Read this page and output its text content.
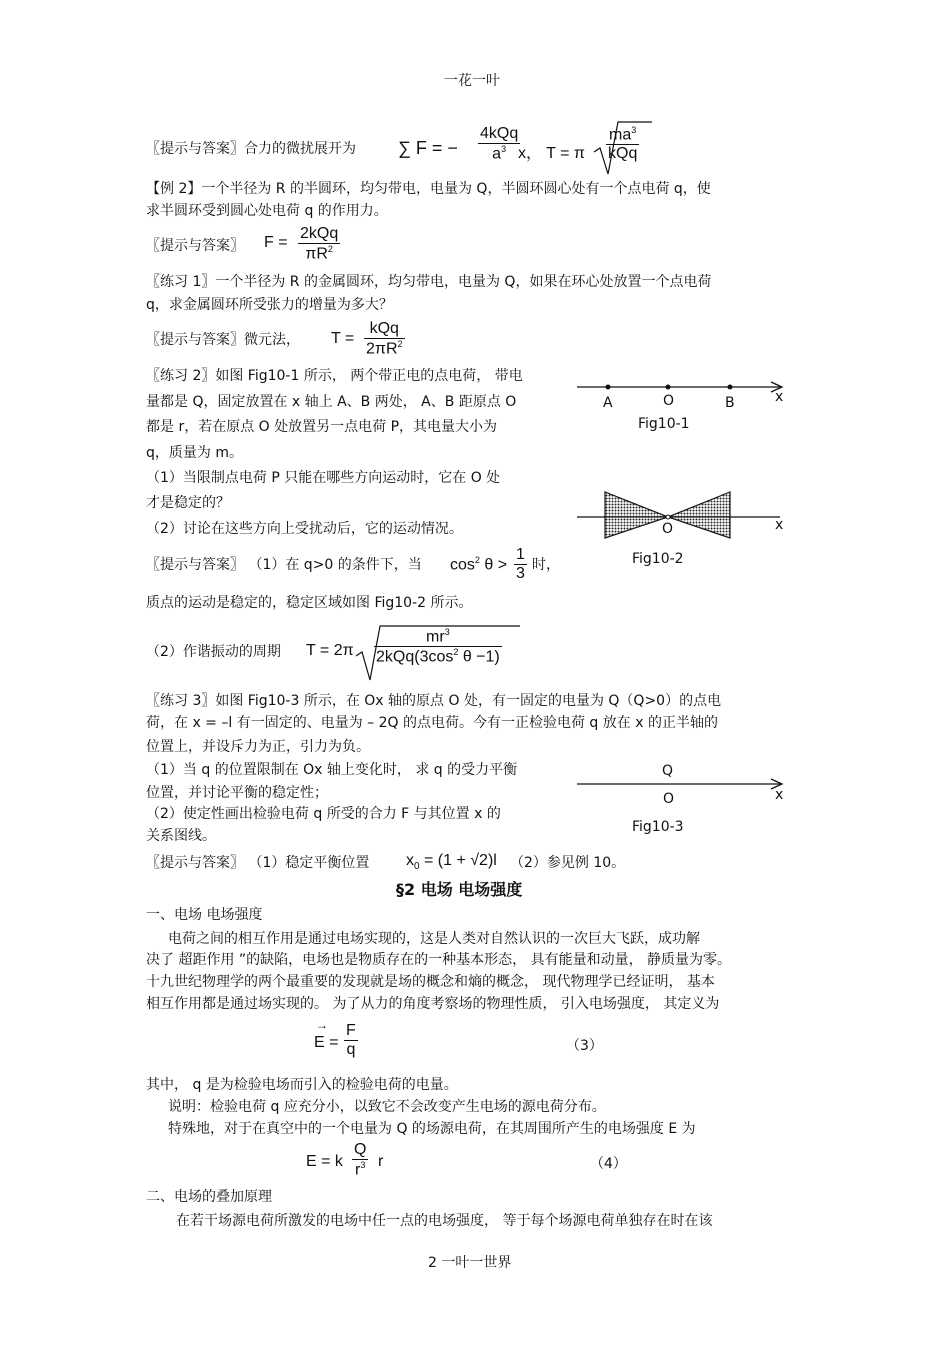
一花一叶
〖提示与答案〗合力的微扰展开为 ∑ F = −
4kQq
$a^3$ x， T = π
$ma^3$
kQq
【例 2】一个半径为 R 的半圆环，均匀带电，电量为 Q，半圆环圆心处有一个点电荷 q，使
求半圆环受到圆心处电荷 q 的作用力。
〖提示与答案〗 F =
2kQq
$\pi R^2$
〖练习 1〗一个半径为 R 的金属圆环，均匀带电，电量为 Q，如果在环心处放置一个点电荷
q，求金属圆环所受张力的增量为多大？
〖提示与答案〗微元法， T =
kQq
$2\pi R^2$
〖练习 2〗如图 Fig10-1 所示， 两个带正电的点电荷， 带电
量都是 Q，固定放置在 x 轴上 A、B 两处， A、B 距原点 O
都是 r，若在原点 O 处放置另一点电荷 P，其电量大小为
q，质量为 m。
（1）当限制点电荷 P 只能在哪些方向运动时，它在 O 处
才是稳定的？
（2）讨论在这些方向上受扰动后，它的运动情况。
A	O	B	x
Fig10-1
O	x
Fig10-2
〖提示与答案〗 （1）在 q>0 的条件下，当 $\cos^2 \theta > \frac{1}{3}$ 时，
质点的运动是稳定的，稳定区域如图 Fig10-2 所示。
（2）作谐振动的周期 T = 2π
$mr^3$
$2kQq(3\cos^2$ θ −1)
〖练习 3〗如图 Fig10-3 所示，在 Ox 轴的原点 O 处，有一固定的电量为 Q（Q>0）的点电
荷，在 x = –l 有一固定的、电量为 – 2Q 的点电荷。今有一正检验电荷 q 放在 x 的正半轴的
位置上，并设斥力为正，引力为负。
（1）当 q 的位置限制在 Ox 轴上变化时， 求 q 的受力平衡
位置，并讨论平衡的稳定性；
（2）使定性画出检验电荷 q 所受的合力 F 与其位置 x 的
关系图线。
Q
O	x
Fig10-3
〖提示与答案〗 （1）稳定平衡位置 $x_0 = (1 + √2)l$ （2）参见例 10。
§2 电场 电场强度
一、电场 电场强度
电荷之间的相互作用是通过电场实现的，这是人类对自然认识的一次巨大飞跃，成功解
决了 超距作用 ”的缺陷，电场也是物质存在的一种基本形态， 具有能量和动量， 静质量为零。
十九世纪物理学的两个最重要的发现就是场的概念和熵的概念， 现代物理学已经证明， 基本
相互作用都是通过场实现的。 为了从力的角度考察场的物理性质， 引入电场强度， 其定义为
E =
→ $\frac{F}{q}$	（3）
其中， q 是为检验电场而引入的检验电荷的电量。
说明：检验电荷 q 应充分小，以致它不会改变产生电场的源电荷分布。
特殊地，对于在真空中的一个电量为 Q 的场源电荷，在其周围所产生的电场强度 E 为
E = k $\frac{Q}{r^3}$ r	（4）
二、电场的叠加原理
在若干场源电荷所激发的电场中任一点的电场强度， 等于每个场源电荷单独存在时在该
2 一叶一世界
